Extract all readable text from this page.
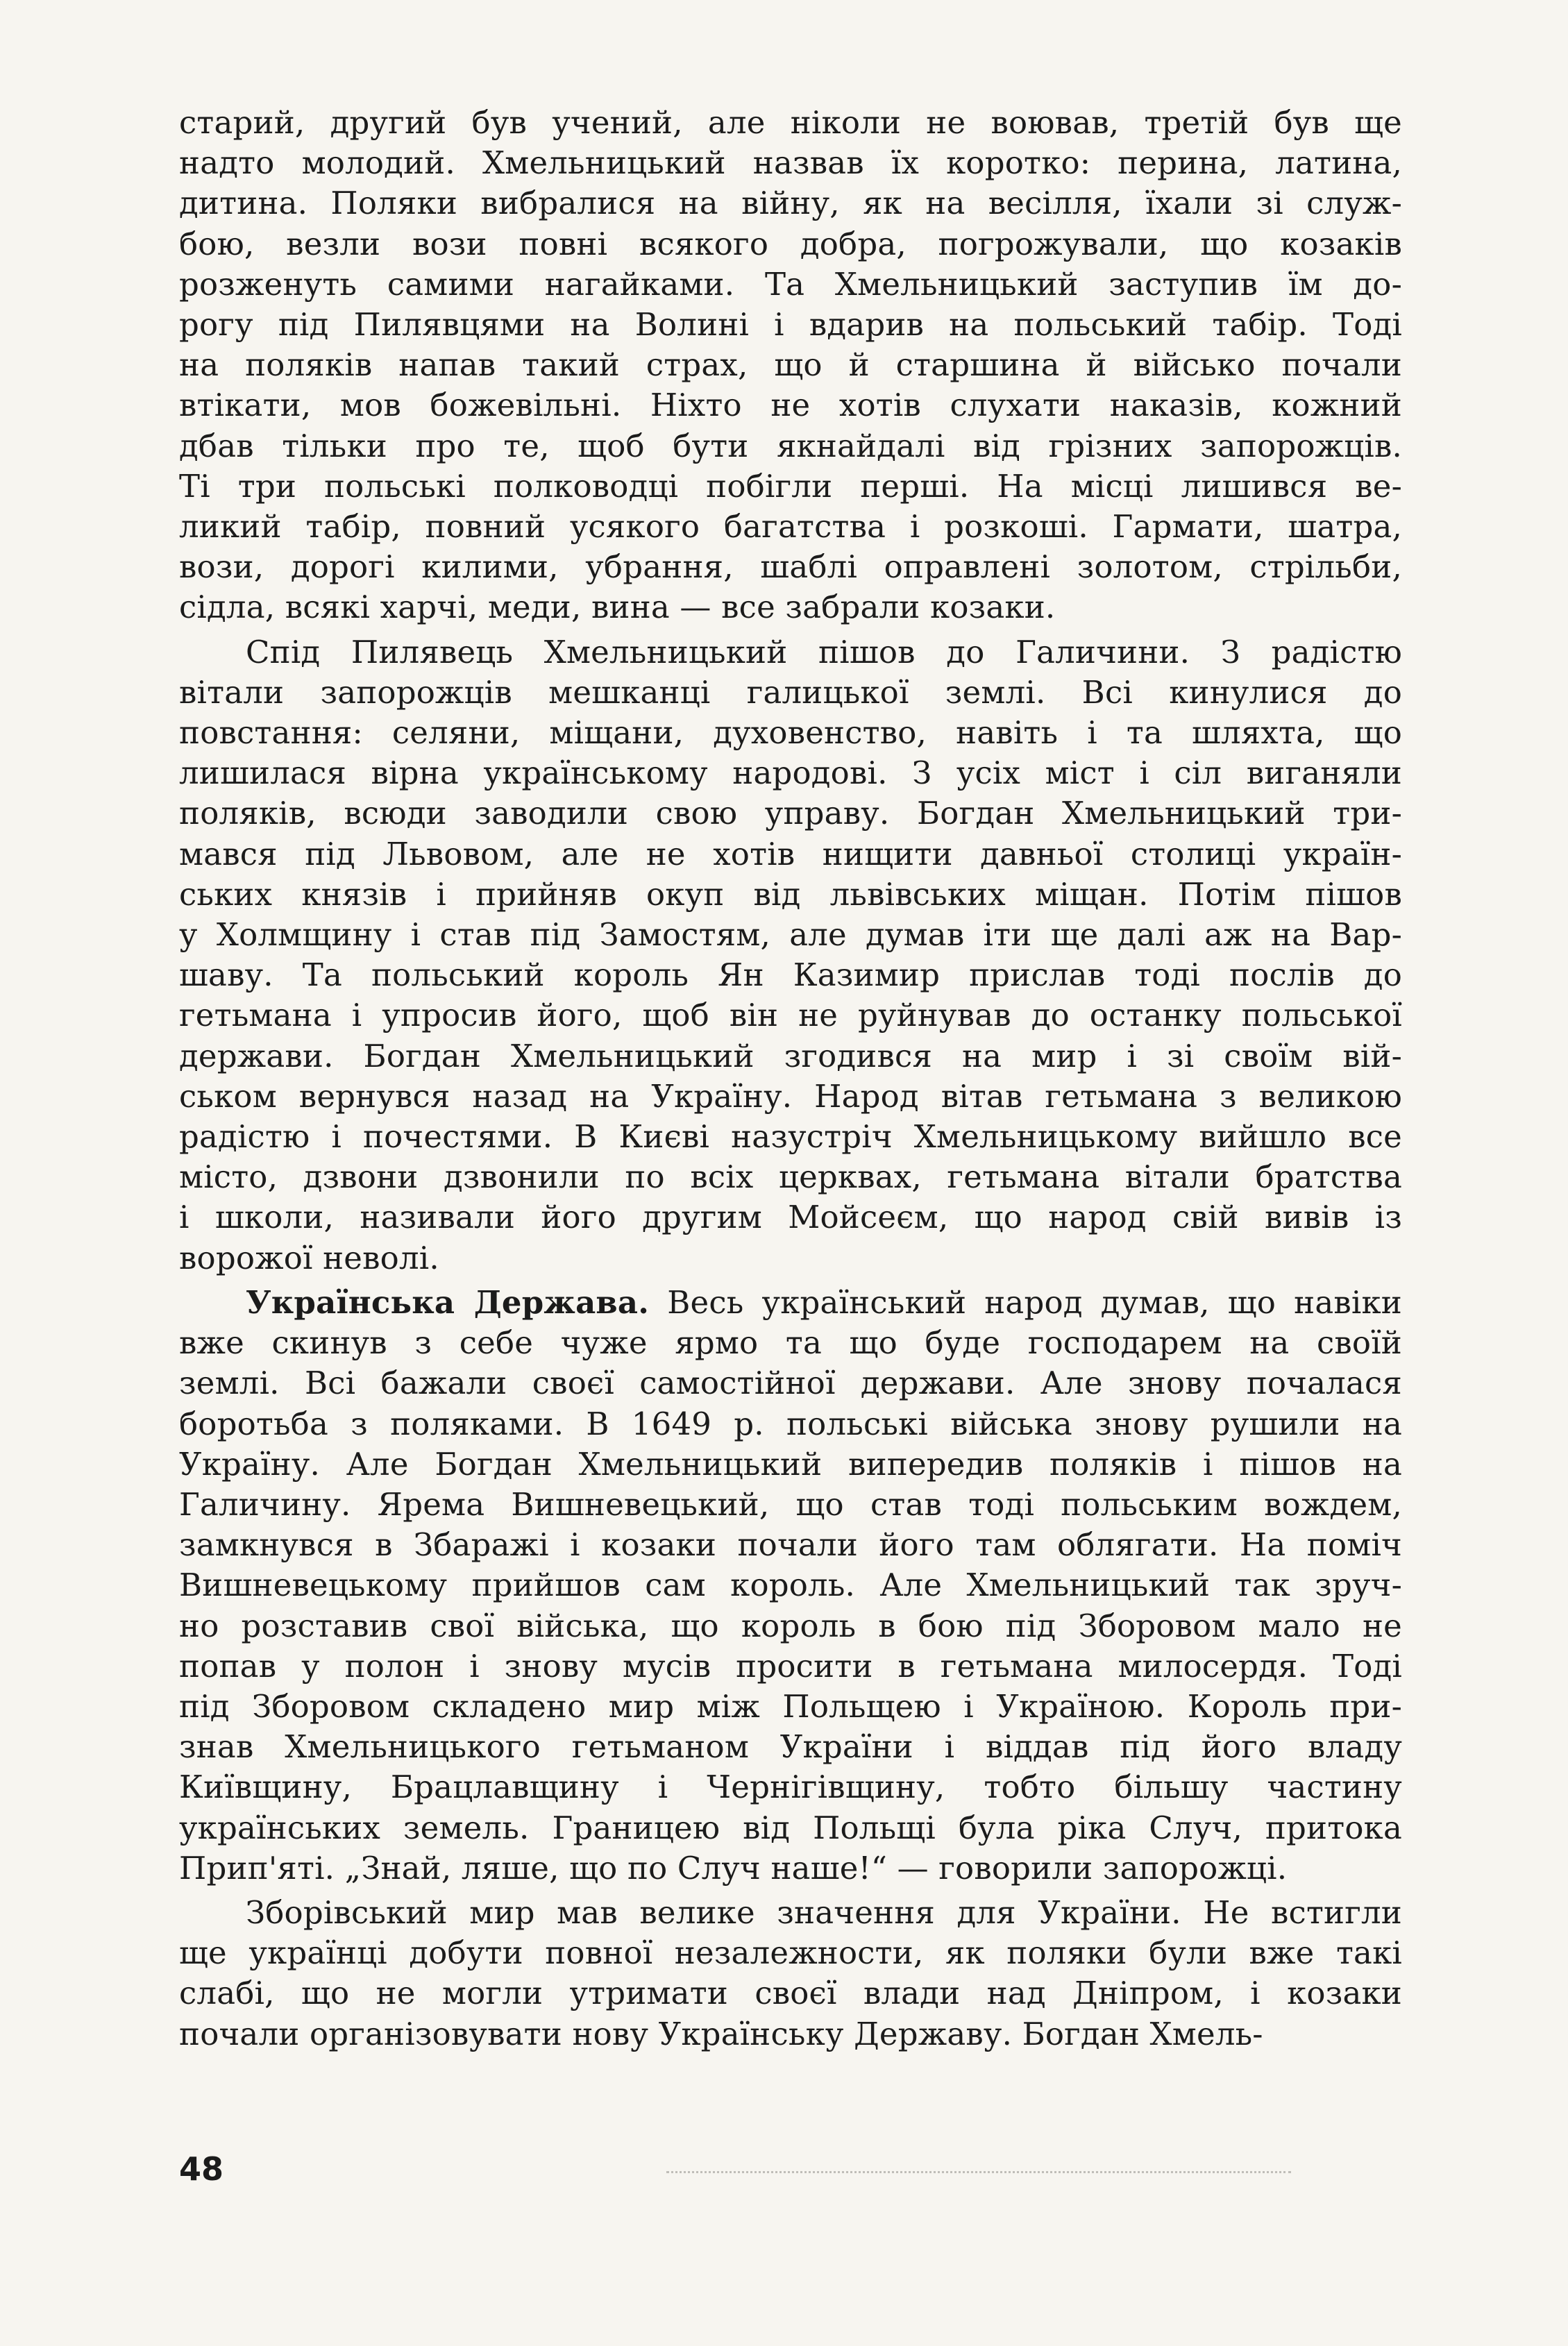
старий, другий був учений, але ніколи не воював, третій був ще
надто молодий. Хмельницький назвав їх коротко: перина, латина,
дитина. Поляки вибралися на війну, як на весілля, їхали зі служ-
бою, везли вози повні всякого добра, погрожували, що козаків
розженуть самими нагайками. Та Хмельницький заступив їм до-
рогу під Пилявцями на Волині і вдарив на польський табір. Тоді
на поляків напав такий страх, що й старшина й військо почали
втікати, мов божевільні. Ніхто не хотів слухати наказів, кожний
дбав тільки про те, щоб бути якнайдалі від грізних запорожців.
Ті три польські полководці побігли перші. На місці лишився ве-
ликий табір, повний усякого багатства і розкоші. Гармати, шатра,
вози, дорогі килими, убрання, шаблі оправлені золотом, стрільби,
сідла, всякі харчі, меди, вина — все забрали козаки.
Спід Пилявець Хмельницький пішов до Галичини. З радістю
вітали запорожців мешканці галицької землі. Всі кинулися до
повстання: селяни, міщани, духовенство, навіть і та шляхта, що
лишилася вірна українському народові. З усіх міст і сіл виганяли
поляків, всюди заводили свою управу. Богдан Хмельницький три-
мався під Львовом, але не хотів нищити давньої столиці україн-
ських князів і прийняв окуп від львівських міщан. Потім пішов
у Холмщину і став під Замостям, але думав іти ще далі аж на Вар-
шаву. Та польський король Ян Казимир прислав тоді послів до
гетьмана і упросив його, щоб він не руйнував до останку польської
держави. Богдан Хмельницький згодився на мир і зі своїм вій-
ськом вернувся назад на Україну. Народ вітав гетьмана з великою
радістю і почестями. В Києві назустріч Хмельницькому вийшло все
місто, дзвони дзвонили по всіх церквах, гетьмана вітали братства
і школи, називали його другим Мойсеєм, що народ свій вивів із
ворожої неволі.
Українська Держава. Весь український народ думав, що навіки
вже скинув з себе чуже ярмо та що буде господарем на своїй
землі. Всі бажали своєї самостійної держави. Але знову почалася
боротьба з поляками. В 1649 р. польські війська знову рушили на
Україну. Але Богдан Хмельницький випередив поляків і пішов на
Галичину. Ярема Вишневецький, що став тоді польським вождем,
замкнувся в Збаражі і козаки почали його там облягати. На поміч
Вишневецькому прийшов сам король. Але Хмельницький так зруч-
но розставив свої війська, що король в бою під Зборовом мало не
попав у полон і знову мусів просити в гетьмана милосердя. Тоді
під Зборовом складено мир між Польщею і Україною. Король при-
знав Хмельницького гетьманом України і віддав під його владу
Київщину, Брацлавщину і Чернігівщину, тобто більшу частину
українських земель. Границею від Польщі була ріка Случ, притока
Прип'яті. „Знай, ляше, що по Случ наше!“ — говорили запорожці.
Зборівський мир мав велике значення для України. Не встигли
ще українці добути повної незалежности, як поляки були вже такі
слабі, що не могли утримати своєї влади над Дніпром, і козаки
почали організовувати нову Українську Державу. Богдан Хмель-
48
